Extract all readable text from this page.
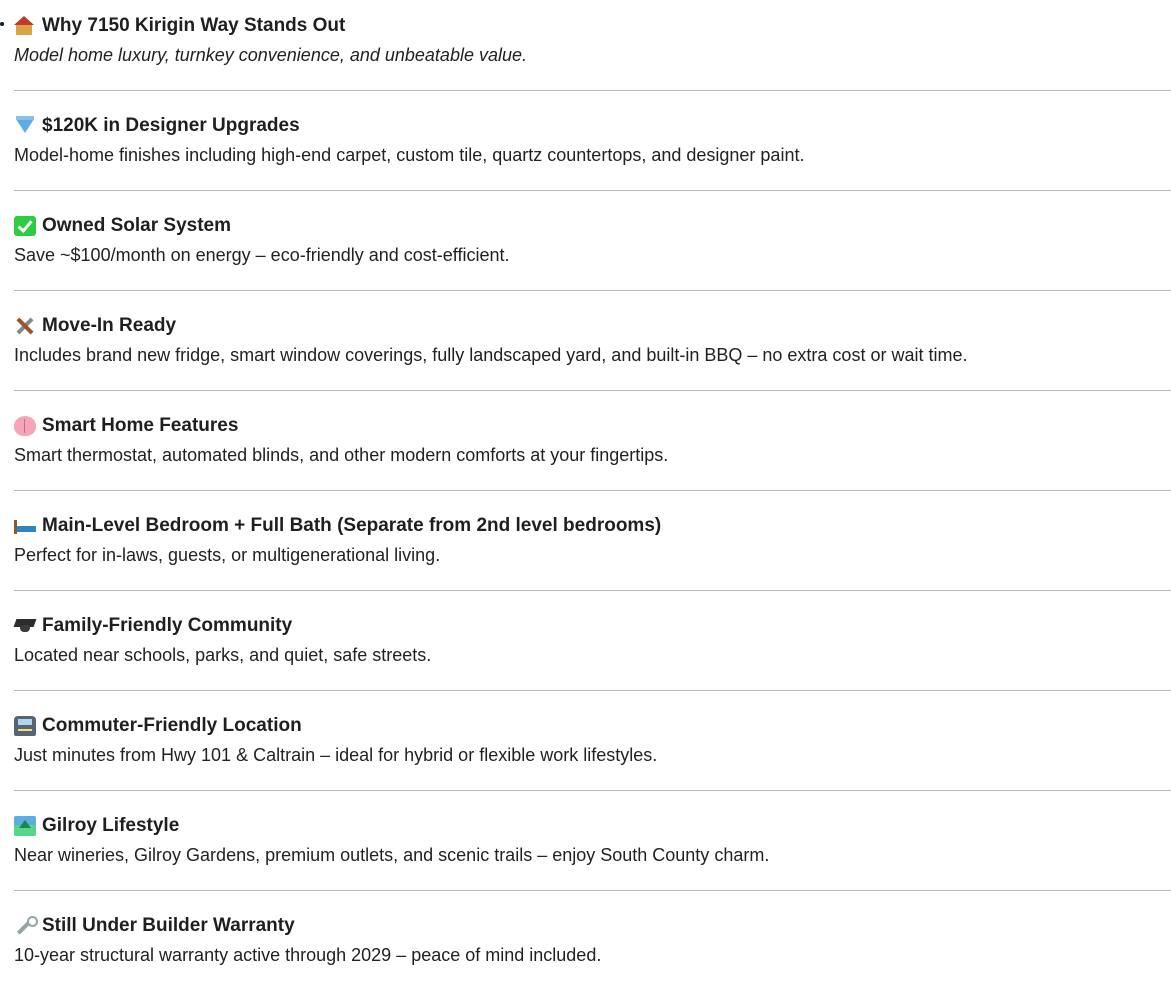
Why 7150 Kirigin Way Stands Out
Model home luxury, turnkey convenience, and unbeatable value.
$120K in Designer Upgrades
Model-home finishes including high-end carpet, custom tile, quartz countertops, and designer paint.
Owned Solar System
Save ~$100/month on energy – eco-friendly and cost-efficient.
Move-In Ready
Includes brand new fridge, smart window coverings, fully landscaped yard, and built-in BBQ – no extra cost or wait time.
Smart Home Features
Smart thermostat, automated blinds, and other modern comforts at your fingertips.
Main-Level Bedroom + Full Bath (Separate from 2nd level bedrooms)
Perfect for in-laws, guests, or multigenerational living.
Family-Friendly Community
Located near schools, parks, and quiet, safe streets.
Commuter-Friendly Location
Just minutes from Hwy 101 & Caltrain – ideal for hybrid or flexible work lifestyles.
Gilroy Lifestyle
Near wineries, Gilroy Gardens, premium outlets, and scenic trails – enjoy South County charm.
Still Under Builder Warranty
10-year structural warranty active through 2029 – peace of mind included.
